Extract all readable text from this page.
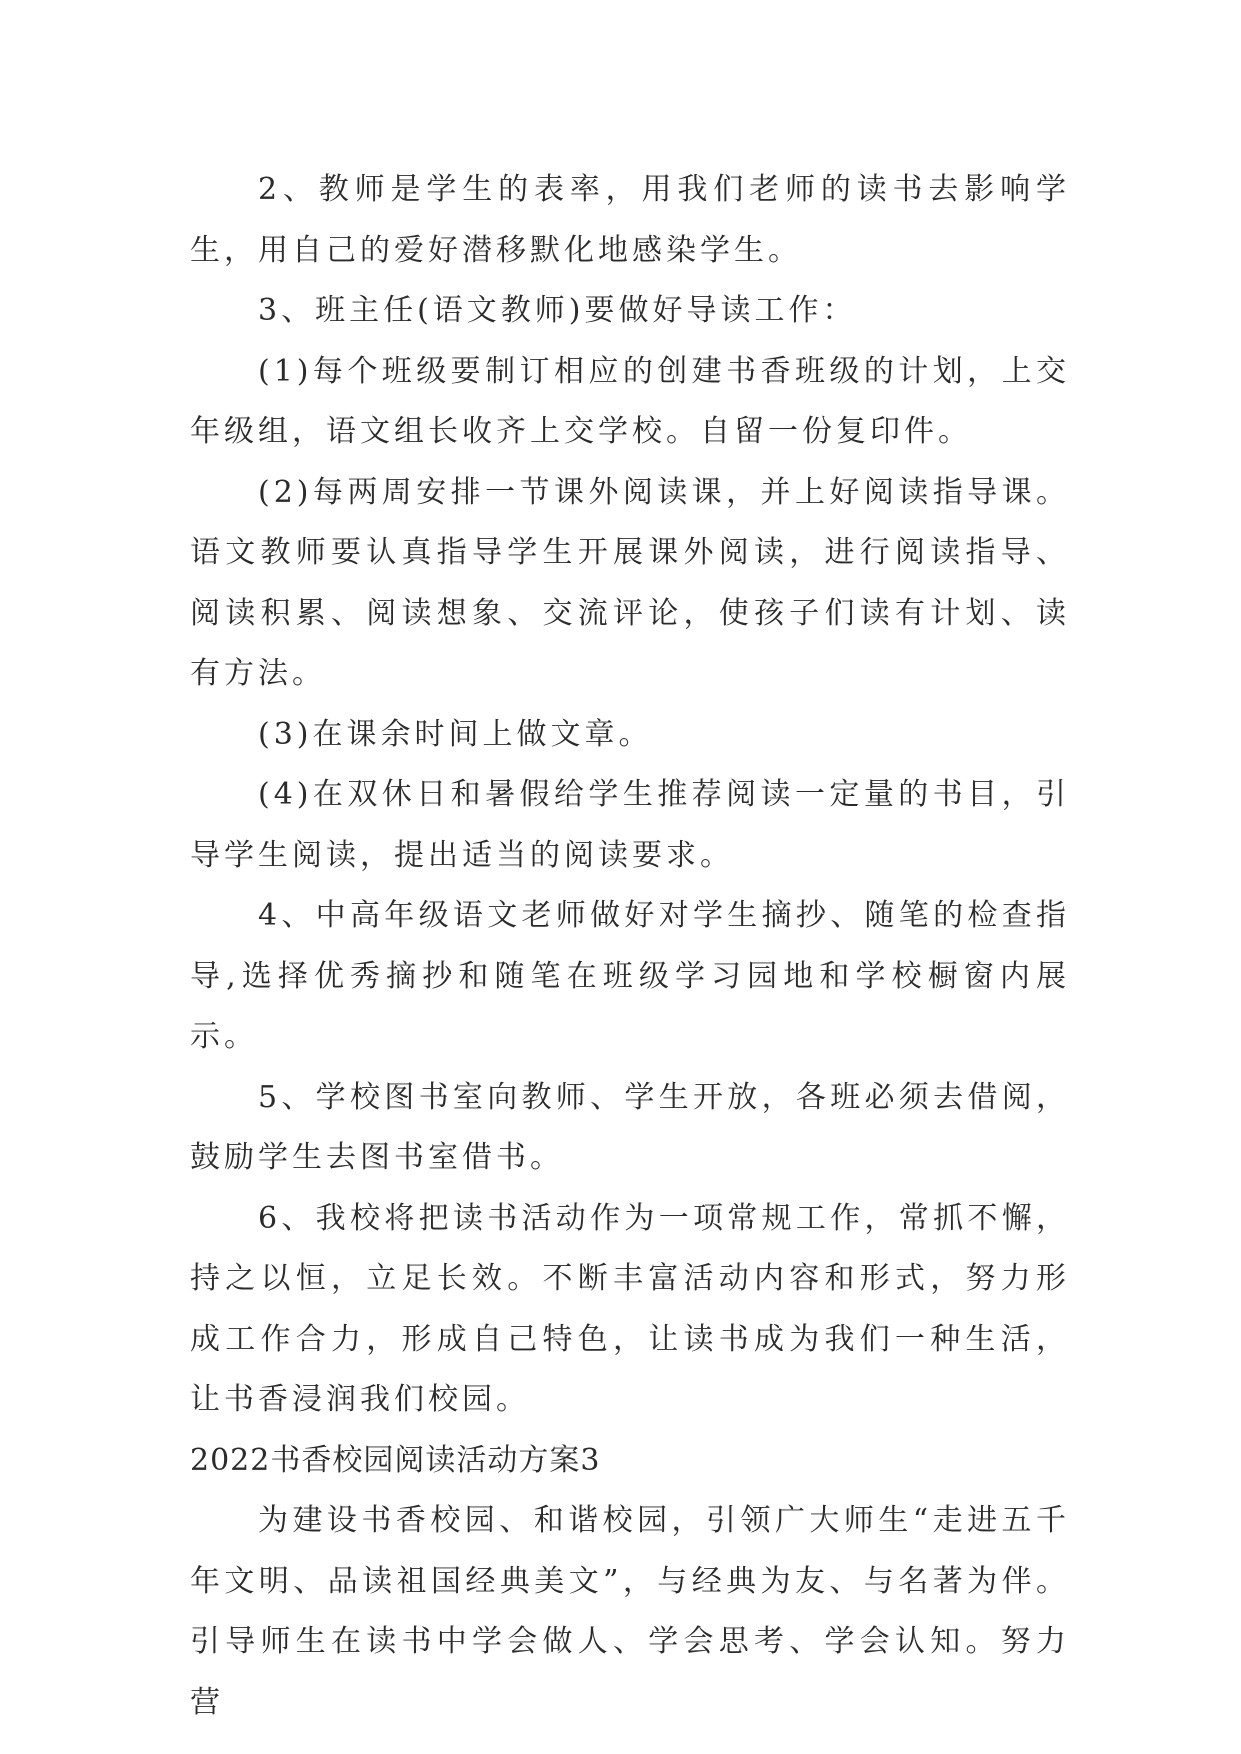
2、教师是学生的表率，用我们老师的读书去影响学生，用自己的爱好潜移默化地感染学生。

3、班主任(语文教师)要做好导读工作：

(1)每个班级要制订相应的创建书香班级的计划，上交年级组，语文组长收齐上交学校。自留一份复印件。

(2)每两周安排一节课外阅读课，并上好阅读指导课。语文教师要认真指导学生开展课外阅读，进行阅读指导、阅读积累、阅读想象、交流评论，使孩子们读有计划、读有方法。

(3)在课余时间上做文章。

(4)在双休日和暑假给学生推荐阅读一定量的书目，引导学生阅读，提出适当的阅读要求。

4、中高年级语文老师做好对学生摘抄、随笔的检查指导,选择优秀摘抄和随笔在班级学习园地和学校橱窗内展示。

5、学校图书室向教师、学生开放，各班必须去借阅，鼓励学生去图书室借书。

6、我校将把读书活动作为一项常规工作，常抓不懈，持之以恒，立足长效。不断丰富活动内容和形式，努力形成工作合力，形成自己特色，让读书成为我们一种生活，让书香浸润我们校园。

2022书香校园阅读活动方案3

为建设书香校园、和谐校园，引领广大师生“走进五千年文明、品读祖国经典美文”，与经典为友、与名著为伴。引导师生在读书中学会做人、学会思考、学会认知。努力营
